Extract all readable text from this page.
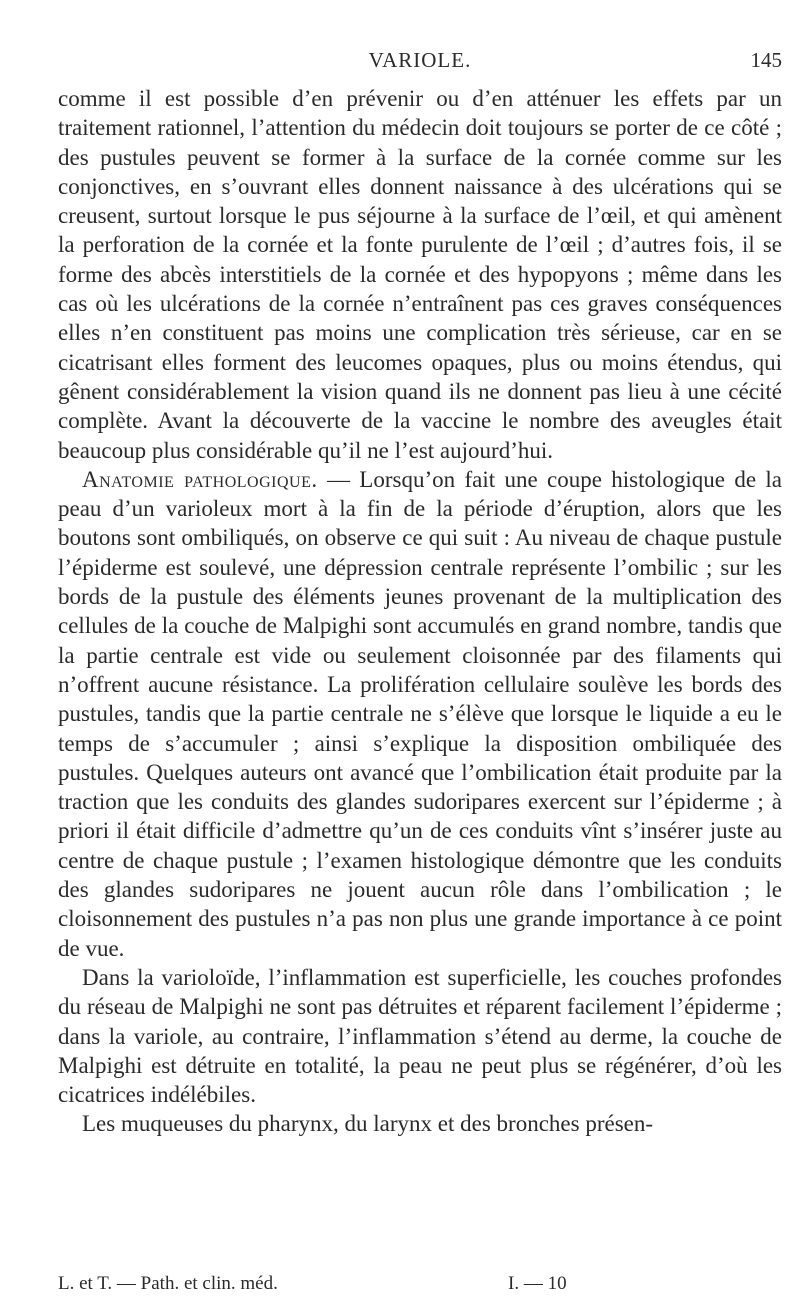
VARIOLE.	145

comme il est possible d’en prévenir ou d’en atténuer les effets par un traitement rationnel, l’attention du médecin doit toujours se porter de ce côté ; des pustules peuvent se former à la surface de la cornée comme sur les conjonctives, en s’ouvrant elles donnent naissance à des ulcérations qui se creusent, surtout lorsque le pus séjourne à la surface de l’œil, et qui amènent la perforation de la cornée et la fonte purulente de l’œil ; d’autres fois, il se forme des abcès interstitiels de la cornée et des hypopyons ; même dans les cas où les ulcérations de la cornée n’entraînent pas ces graves conséquences elles n’en constituent pas moins une complication très sérieuse, car en se cicatrisant elles forment des leucomes opaques, plus ou moins étendus, qui gênent considérablement la vision quand ils ne donnent pas lieu à une cécité complète. Avant la découverte de la vaccine le nombre des aveugles était beaucoup plus considérable qu’il ne l’est aujourd’hui.

Anatomie pathologique. — Lorsqu’on fait une coupe histologique de la peau d’un varioleux mort à la fin de la période d’éruption, alors que les boutons sont ombiliqués, on observe ce qui suit : Au niveau de chaque pustule l’épiderme est soulevé, une dépression centrale représente l’ombilic ; sur les bords de la pustule des éléments jeunes provenant de la multiplication des cellules de la couche de Malpighi sont accumulés en grand nombre, tandis que la partie centrale est vide ou seulement cloisonnée par des filaments qui n’offrent aucune résistance. La prolifération cellulaire soulève les bords des pustules, tandis que la partie centrale ne s’élève que lorsque le liquide a eu le temps de s’accumuler ; ainsi s’explique la disposition ombiliquée des pustules. Quelques auteurs ont avancé que l’ombilication était produite par la traction que les conduits des glandes sudoripares exercent sur l’épiderme ; à priori il était difficile d’admettre qu’un de ces conduits vînt s’insérer juste au centre de chaque pustule ; l’examen histologique démontre que les conduits des glandes sudoripares ne jouent aucun rôle dans l’ombilication ; le cloisonnement des pustules n’a pas non plus une grande importance à ce point de vue.

Dans la varioloïde, l’inflammation est superficielle, les couches profondes du réseau de Malpighi ne sont pas détruites et réparent facilement l’épiderme ; dans la variole, au contraire, l’inflammation s’étend au derme, la couche de Malpighi est détruite en totalité, la peau ne peut plus se régénérer, d’où les cicatrices indélébiles.

Les muqueuses du pharynx, du larynx et des bronches présen-

L. et T. — Path. et clin. méd.	I. — 10
